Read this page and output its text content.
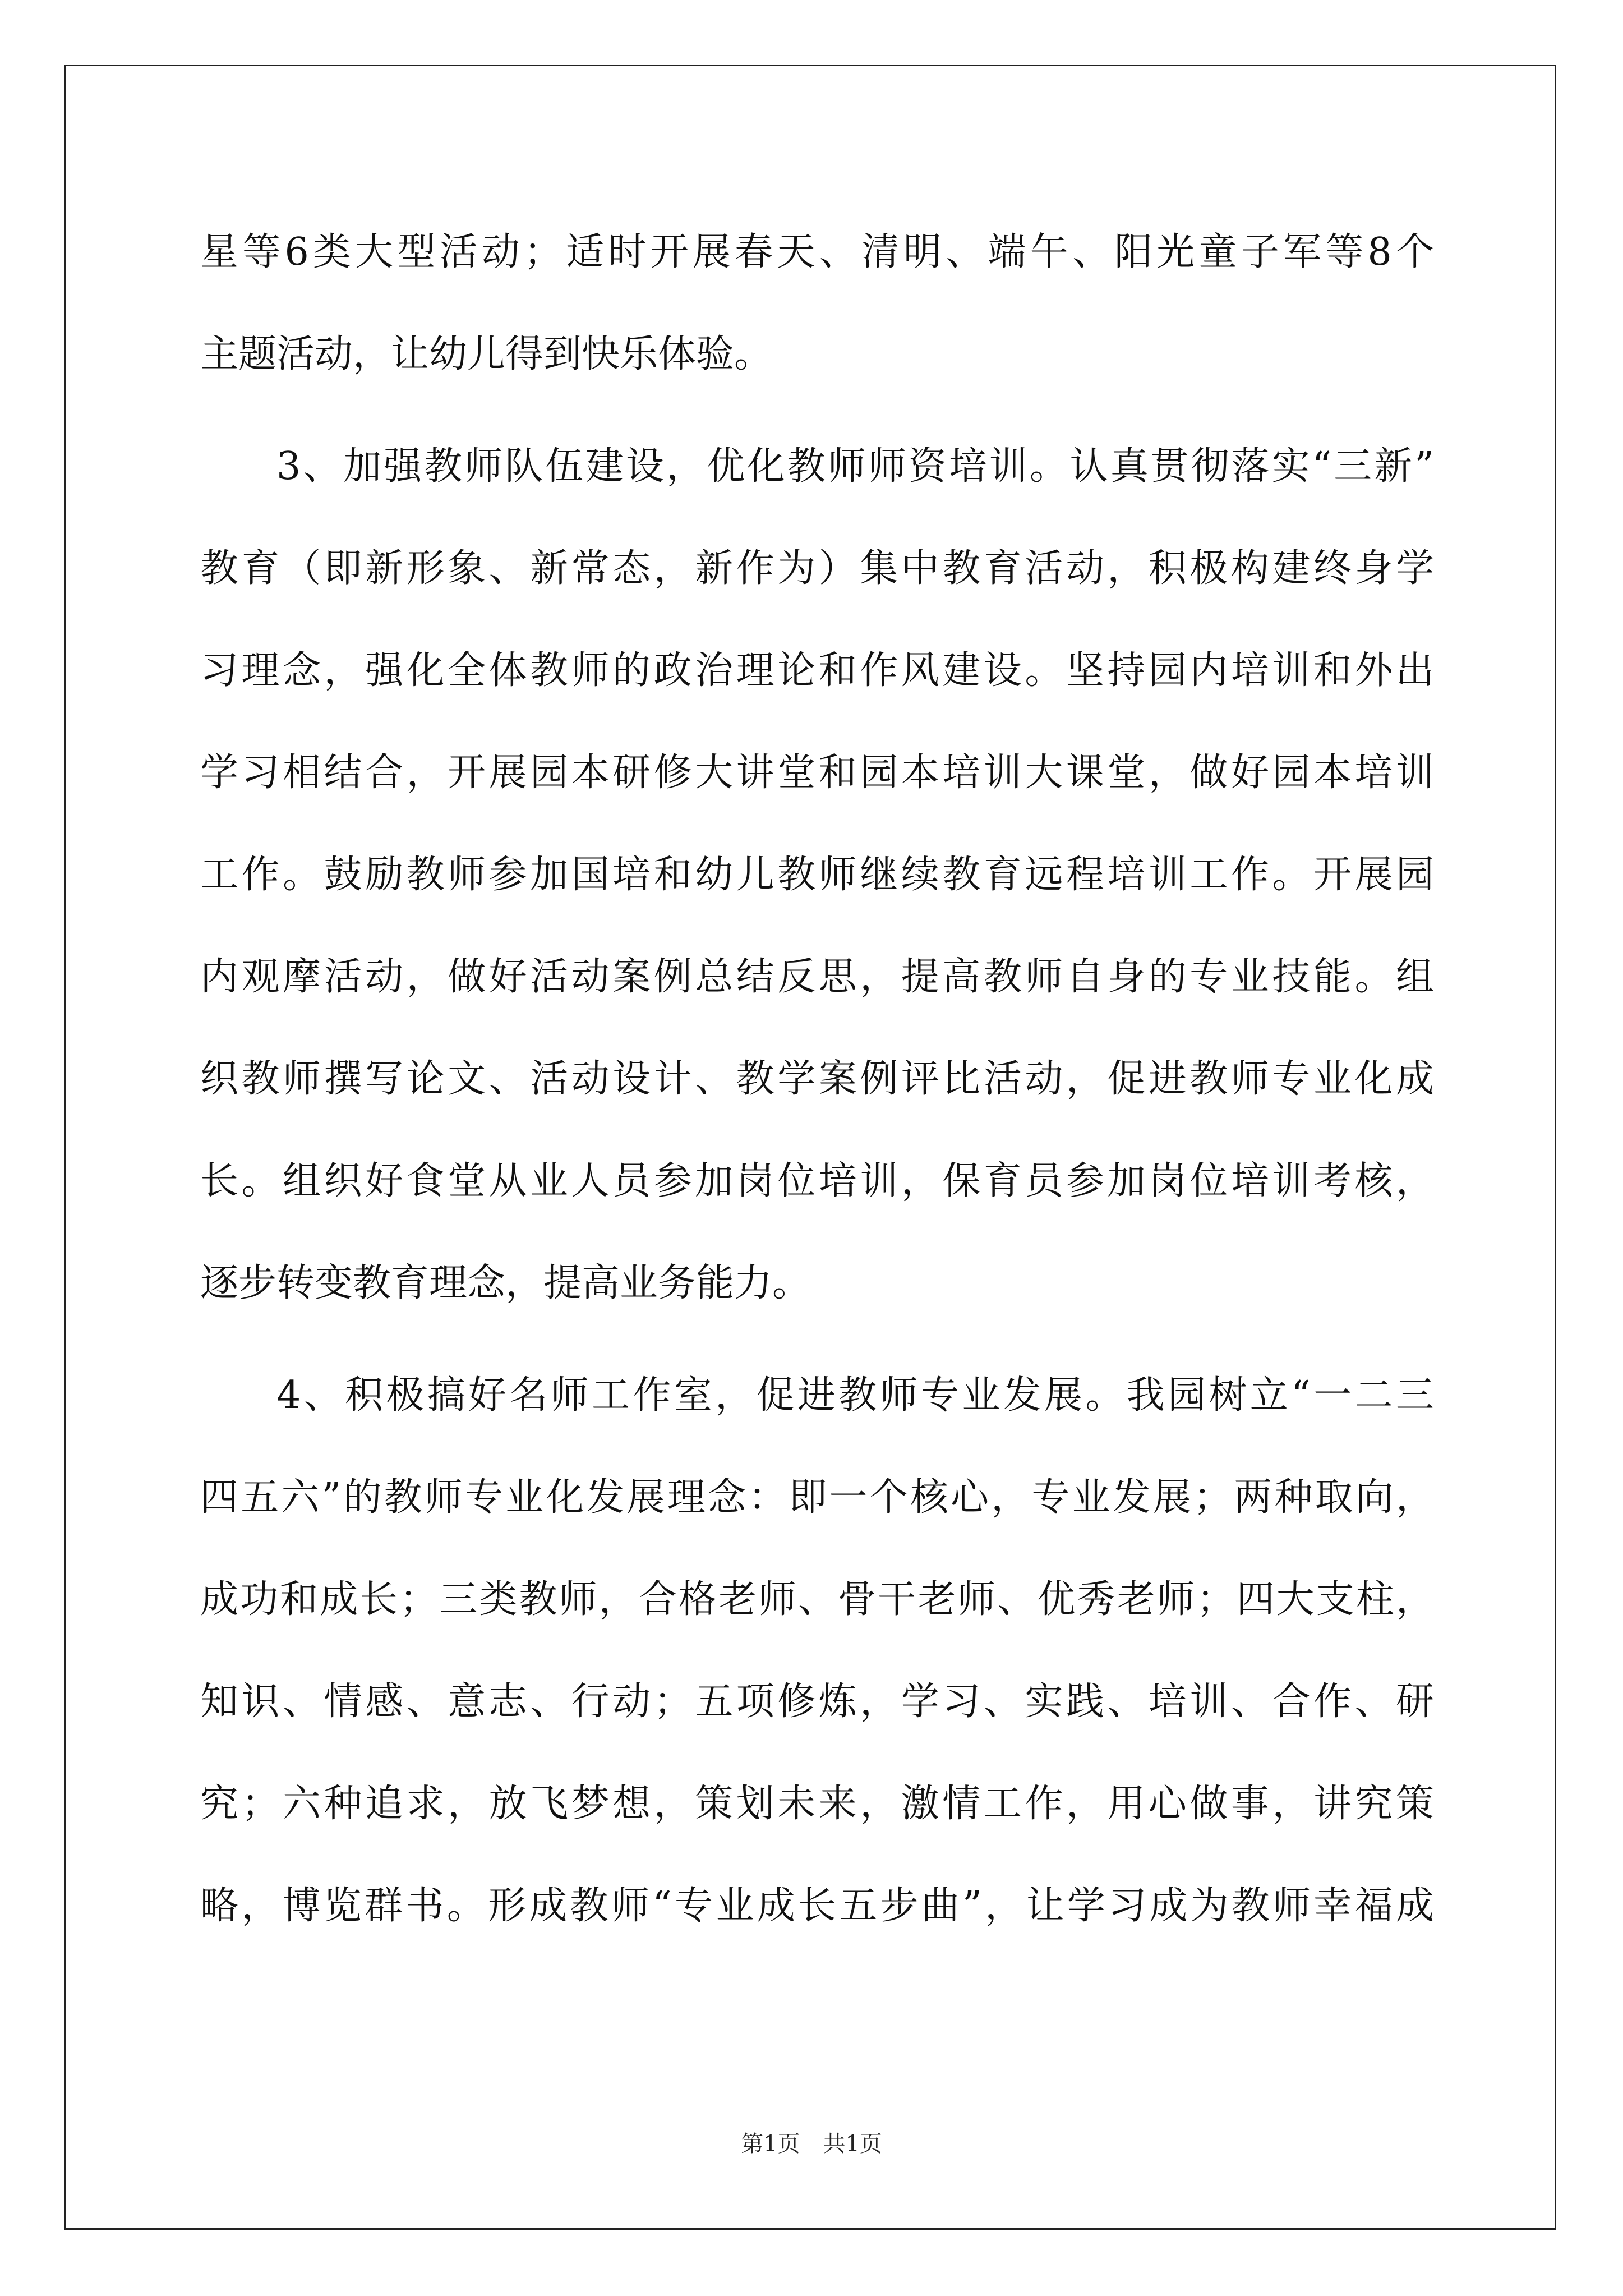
星等6类大型活动；适时开展春天、清明、端午、阳光童子军等8个
主题活动，让幼儿得到快乐体验。
3、加强教师队伍建设，优化教师师资培训。认真贯彻落实“三新”
教育（即新形象、新常态，新作为）集中教育活动，积极构建终身学
习理念，强化全体教师的政治理论和作风建设。坚持园内培训和外出
学习相结合，开展园本研修大讲堂和园本培训大课堂，做好园本培训
工作。鼓励教师参加国培和幼儿教师继续教育远程培训工作。开展园
内观摩活动，做好活动案例总结反思，提高教师自身的专业技能。组
织教师撰写论文、活动设计、教学案例评比活动，促进教师专业化成
长。组织好食堂从业人员参加岗位培训，保育员参加岗位培训考核，
逐步转变教育理念，提高业务能力。
4、积极搞好名师工作室，促进教师专业发展。我园树立“一二三
四五六”的教师专业化发展理念：即一个核心，专业发展；两种取向，
成功和成长；三类教师，合格老师、骨干老师、优秀老师；四大支柱，
知识、情感、意志、行动；五项修炼，学习、实践、培训、合作、研
究；六种追求，放飞梦想，策划未来，激情工作，用心做事，讲究策
略，博览群书。形成教师“专业成长五步曲”，让学习成为教师幸福成
第1页 共1页
